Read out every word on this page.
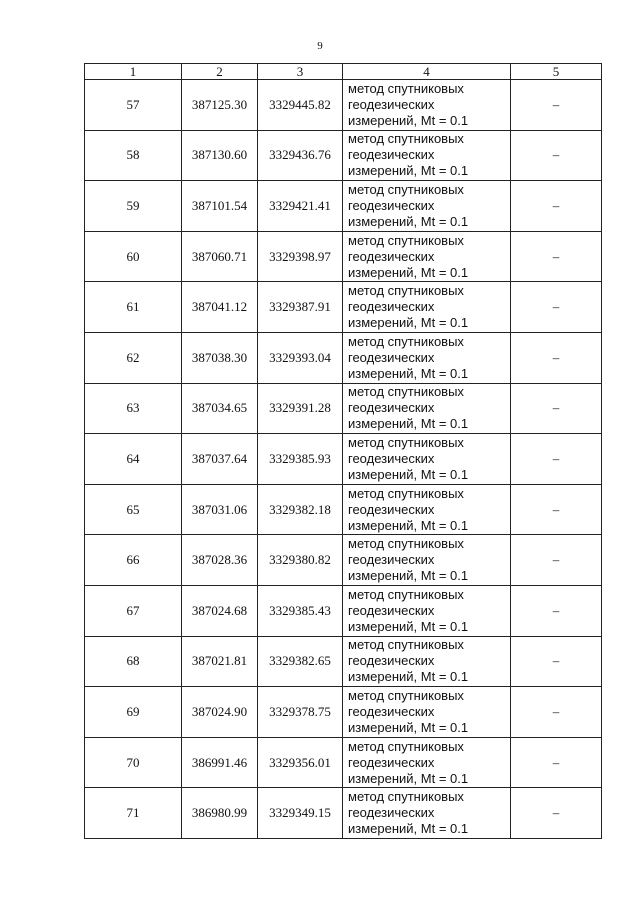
9
1	2	3	4	5
57	387125.30	3329445.82	метод спутниковых
геодезических
измерений, Mt = 0.1	–
58	387130.60	3329436.76	метод спутниковых
геодезических
измерений, Mt = 0.1	–
59	387101.54	3329421.41	метод спутниковых
геодезических
измерений, Mt = 0.1	–
60	387060.71	3329398.97	метод спутниковых
геодезических
измерений, Mt = 0.1	–
61	387041.12	3329387.91	метод спутниковых
геодезических
измерений, Mt = 0.1	–
62	387038.30	3329393.04	метод спутниковых
геодезических
измерений, Mt = 0.1	–
63	387034.65	3329391.28	метод спутниковых
геодезических
измерений, Mt = 0.1	–
64	387037.64	3329385.93	метод спутниковых
геодезических
измерений, Mt = 0.1	–
65	387031.06	3329382.18	метод спутниковых
геодезических
измерений, Mt = 0.1	–
66	387028.36	3329380.82	метод спутниковых
геодезических
измерений, Mt = 0.1	–
67	387024.68	3329385.43	метод спутниковых
геодезических
измерений, Mt = 0.1	–
68	387021.81	3329382.65	метод спутниковых
геодезических
измерений, Mt = 0.1	–
69	387024.90	3329378.75	метод спутниковых
геодезических
измерений, Mt = 0.1	–
70	386991.46	3329356.01	метод спутниковых
геодезических
измерений, Mt = 0.1	–
71	386980.99	3329349.15	метод спутниковых
геодезических
измерений, Mt = 0.1	–
